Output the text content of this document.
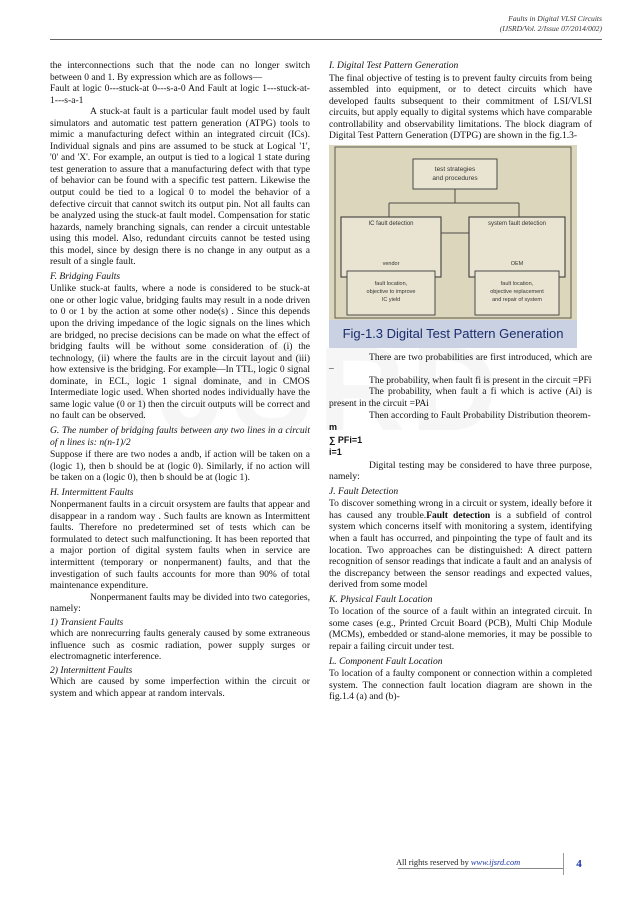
Faults in Digital VLSI Circuits
(IJSRD/Vol. 2/Issue 07/2014/002)

the interconnections such that the node can no longer switch between 0 and 1. By expression which are as follows—

Fault at logic 0---stuck-at 0---s-a-0 And Fault at logic 1---stuck-at-1---s-a-1

A stuck-at fault is a particular fault model used by fault simulators and automatic test pattern generation (ATPG) tools to mimic a manufacturing defect within an integrated circuit (ICs). Individual signals and pins are assumed to be stuck at Logical '1', '0' and 'X'. For example, an output is tied to a logical 1 state during test generation to assure that a manufacturing defect with that type of behavior can be found with a specific test pattern. Likewise the output could be tied to a logical 0 to model the behavior of a defective circuit that cannot switch its output pin. Not all faults can be analyzed using the stuck-at fault model. Compensation for static hazards, namely branching signals, can render a circuit untestable using this model. Also, redundant circuits cannot be tested using this model, since by design there is no change in any output as a result of a single fault.

F. Bridging Faults

Unlike stuck-at faults, where a node is considered to be stuck-at one or other logic value, bridging faults may result in a node driven to 0 or 1 by the action at some other node(s) . Since this depends upon the driving impedance of the logic signals on the lines which are bridged, no precise decisions can be made on what the effect of bridging faults will be without some consideration of (i) the technology, (ii) where the faults are in the circuit layout and (iii) how extensive is the bridging. For example—In TTL, logic 0 signal dominate, in ECL, logic 1 signal dominate, and in CMOS Intermediate logic used. When shorted nodes individually have the same logic value (0 or 1) then the circuit outputs will be correct and no fault can be observed.

G. The number of bridging faults between any two lines in a circuit of n lines is: n(n-1)/2

Suppose if there are two nodes a andb, if action will be taken on a (logic 1), then b should be at (logic 0). Similarly, if no action will be taken on a (logic 0), then b should be at (logic 1).

H. Intermittent Faults

Nonpermanent faults in a circuit orsystem are faults that appear and disappear in a random way . Such faults are known as Intermittent faults. Therefore no predetermined set of tests which can be formulated to detect such malfunctioning. It has been reported that a major portion of digital system faults when in service are intermittent (temporary or nonpermanent) faults, and that the investigation of such faults accounts for more than 90% of total maintenance expenditure.

Nonpermanent faults may be divided into two categories, namely:

1) Transient Faults

which are nonrecurring faults generaly caused by some extraneous influence such as cosmic radiation, power supply surges or electromagnetic interference.

2) Intermittent Faults

Which are caused by some imperfection within the circuit or system and which appear at random intervals.

I. Digital Test Pattern Generation

The final objective of testing is to prevent faulty circuits from being assembled into equipment, or to detect circuits which have developed faults subsequent to their commitment of LSI/VLSI circuits, but apply equally to digital systems which have comparable controllability and observability limitations. The block diagram of Digital Test Pattern Generation (DTPG) are shown in the fig.1.3-

test strategies
and procedures
IC fault detection	system fault detection
vendor	OEM
fault location,
objective to improve
IC yield
fault location,
objective replacement
and repair of system
Fig-1.3 Digital Test Pattern Generation

There are two probabilities are first introduced, which are –

The probability, when fault fi is present in the circuit =PFi

The probability, when fault a fi which is active (Ai) is present in the circuit =PAi

Then according to Fault Probability Distribution theorem-

m

∑ PFi=1

i=1

Digital testing may be considered to have three purpose, namely:

J. Fault Detection

To discover something wrong in a circuit or system, ideally before it has caused any trouble.Fault detection is a subfield of control system which concerns itself with monitoring a system, identifying when a fault has occurred, and pinpointing the type of fault and its location. Two approaches can be distinguished: A direct pattern recognition of sensor readings that indicate a fault and an analysis of the discrepancy between the sensor readings and expected values, derived from some model

K. Physical Fault Location

To location of the source of a fault within an integrated circuit. In some cases (e.g., Printed Crcuit Board (PCB), Multi Chip Module (MCMs), embedded or stand-alone memories, it may be possible to repair a failing circuit under test.

L. Component Fault Location

To location of a faulty component or connection within a completed system. The connection fault location diagram are shown in the fig.1.4 (a) and (b)-

All rights reserved by www.ijsrd.com	4
